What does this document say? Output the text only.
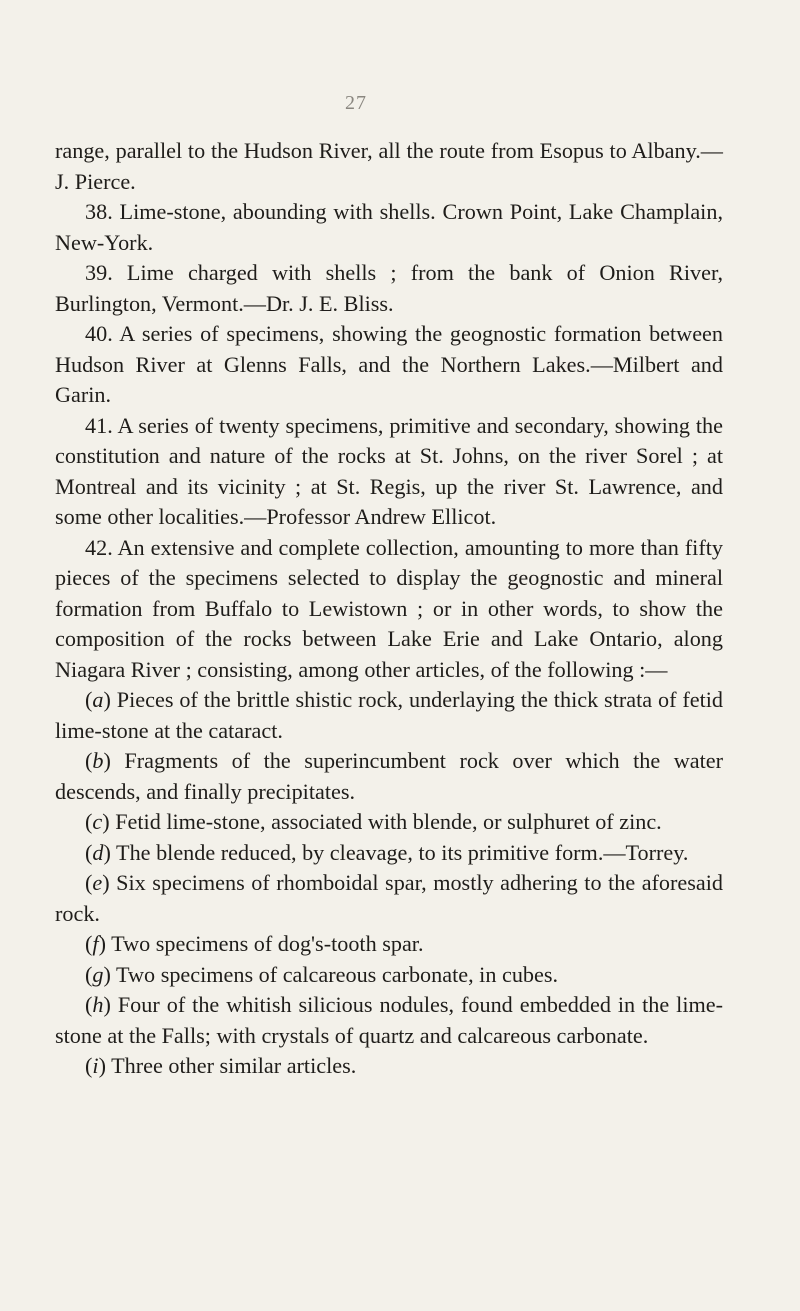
27

range, parallel to the Hudson River, all the route from Esopus to Albany.—J. Pierce.

38. Lime-stone, abounding with shells. Crown Point, Lake Champlain, New-York.

39. Lime charged with shells ; from the bank of Onion River, Burlington, Vermont.—Dr. J. E. Bliss.

40. A series of specimens, showing the geognostic formation between Hudson River at Glenns Falls, and the Northern Lakes.—Milbert and Garin.

41. A series of twenty specimens, primitive and secondary, showing the constitution and nature of the rocks at St. Johns, on the river Sorel ; at Montreal and its vicinity ; at St. Regis, up the river St. Lawrence, and some other localities.—Professor Andrew Ellicot.

42. An extensive and complete collection, amounting to more than fifty pieces of the specimens selected to display the geognostic and mineral formation from Buffalo to Lewistown ; or in other words, to show the composition of the rocks between Lake Erie and Lake Ontario, along Niagara River ; consisting, among other articles, of the following :—

(a) Pieces of the brittle shistic rock, underlaying the thick strata of fetid lime-stone at the cataract.

(b) Fragments of the superincumbent rock over which the water descends, and finally precipitates.

(c) Fetid lime-stone, associated with blende, or sulphuret of zinc.

(d) The blende reduced, by cleavage, to its primitive form.—Torrey.

(e) Six specimens of rhomboidal spar, mostly adhering to the aforesaid rock.

(f) Two specimens of dog's-tooth spar.

(g) Two specimens of calcareous carbonate, in cubes.

(h) Four of the whitish silicious nodules, found embedded in the lime-stone at the Falls; with crystals of quartz and calcareous carbonate.

(i) Three other similar articles.
